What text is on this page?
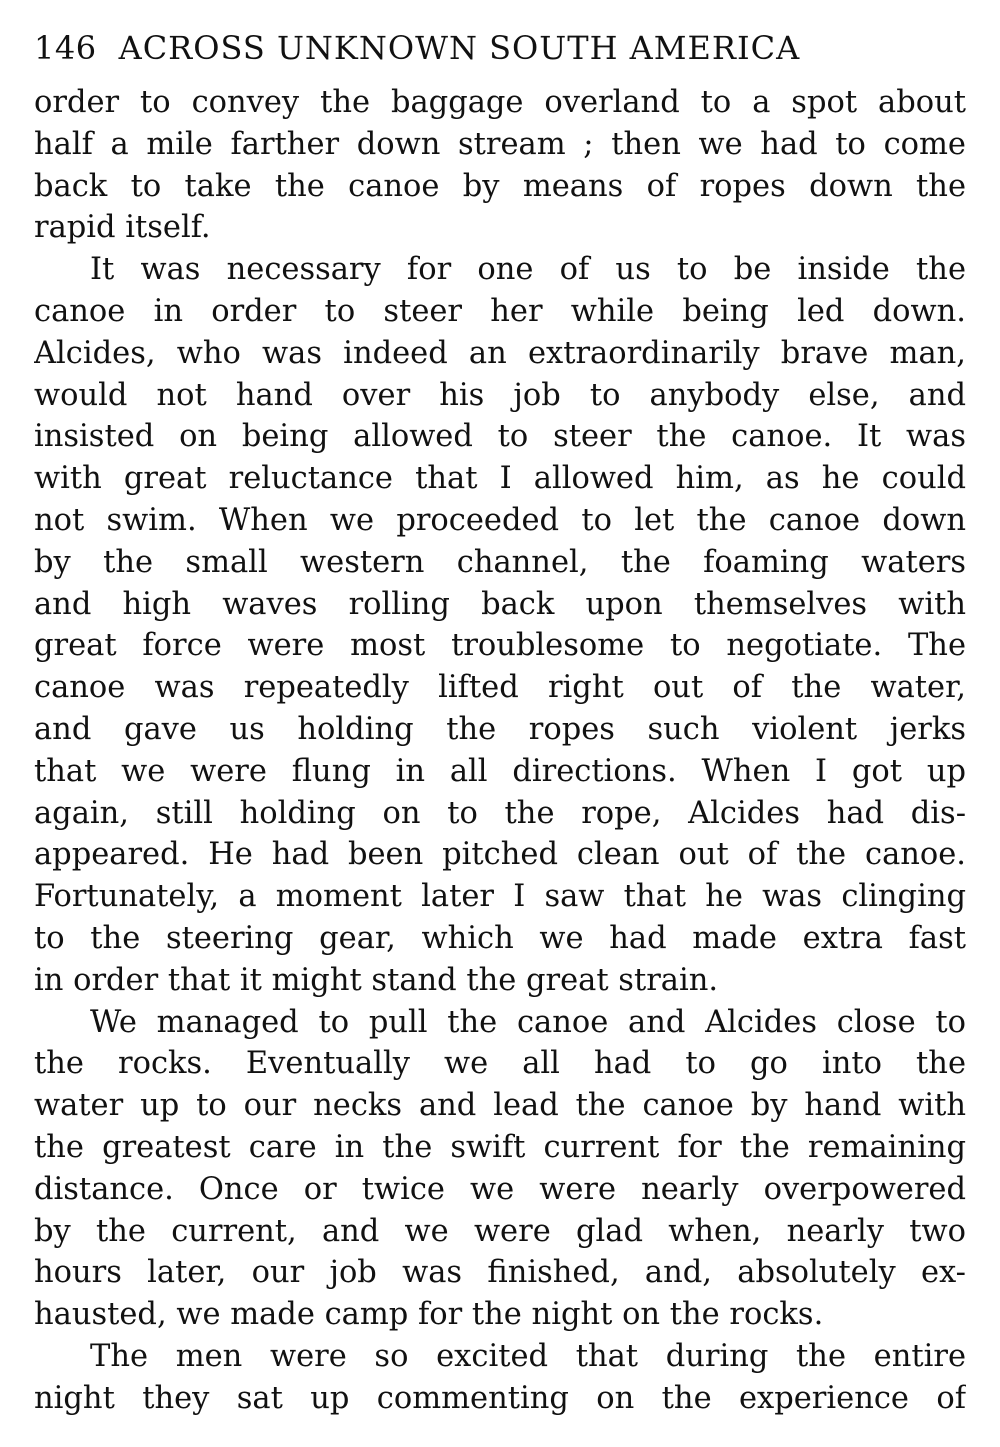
146 ACROSS UNKNOWN SOUTH AMERICA
order to convey the baggage overland to a spot about
half a mile farther down stream ; then we had to come
back to take the canoe by means of ropes down the
rapid itself.
It was necessary for one of us to be inside the
canoe in order to steer her while being led down.
Alcides, who was indeed an extraordinarily brave man,
would not hand over his job to anybody else, and
insisted on being allowed to steer the canoe. It was
with great reluctance that I allowed him, as he could
not swim. When we proceeded to let the canoe down
by the small western channel, the foaming waters
and high waves rolling back upon themselves with
great force were most troublesome to negotiate. The
canoe was repeatedly lifted right out of the water,
and gave us holding the ropes such violent jerks
that we were flung in all directions. When I got up
again, still holding on to the rope, Alcides had dis-
appeared. He had been pitched clean out of the canoe.
Fortunately, a moment later I saw that he was clinging
to the steering gear, which we had made extra fast
in order that it might stand the great strain.
We managed to pull the canoe and Alcides close to
the rocks. Eventually we all had to go into the
water up to our necks and lead the canoe by hand with
the greatest care in the swift current for the remaining
distance. Once or twice we were nearly overpowered
by the current, and we were glad when, nearly two
hours later, our job was finished, and, absolutely ex-
hausted, we made camp for the night on the rocks.
The men were so excited that during the entire
night they sat up commenting on the experience of
